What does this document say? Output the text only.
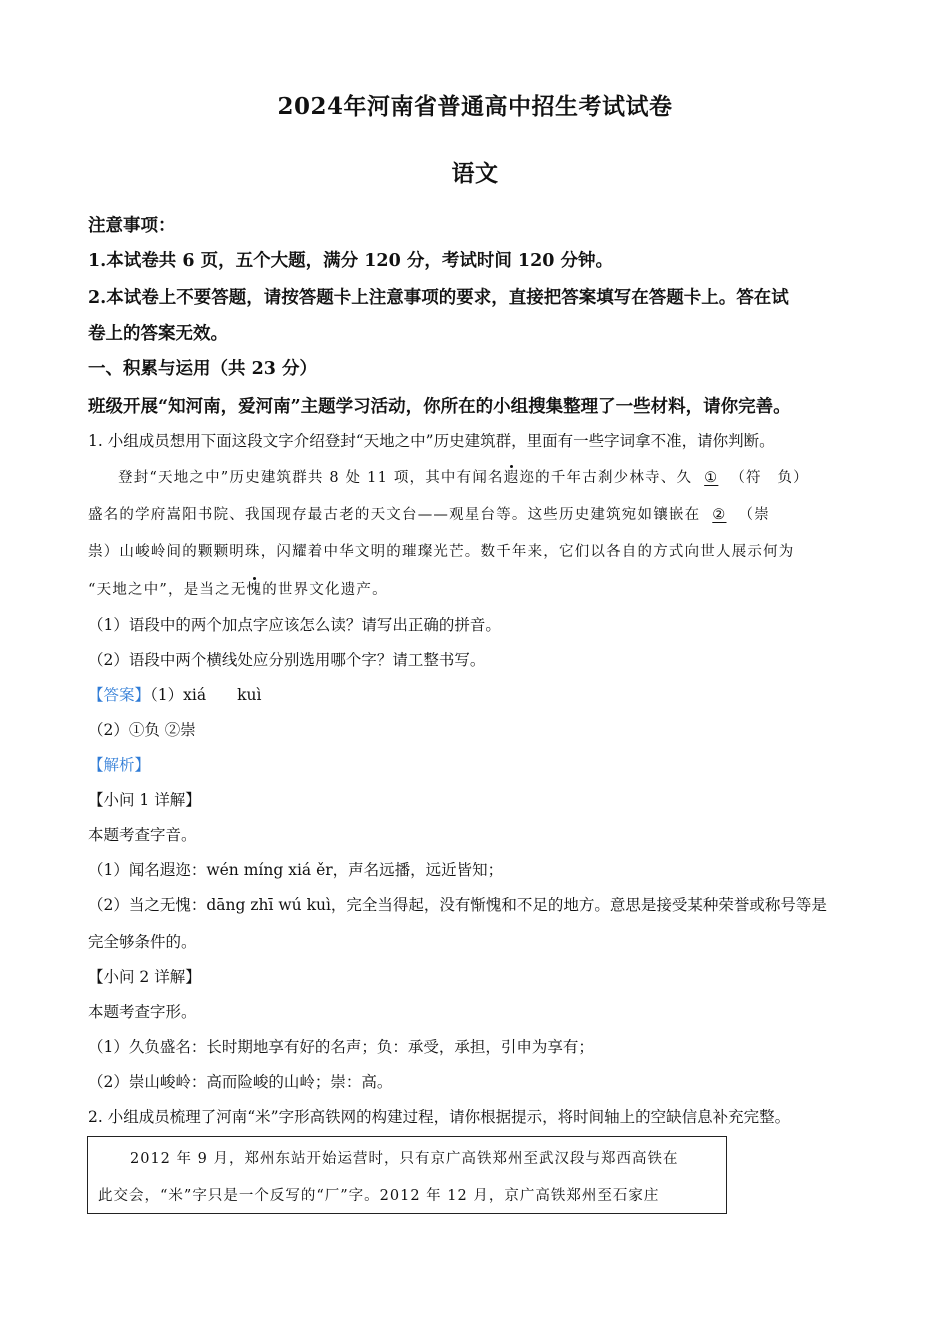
2024年河南省普通高中招生考试试卷
语文
注意事项：
1.本试卷共 6 页，五个大题，满分 120 分，考试时间 120 分钟。
2.本试卷上不要答题，请按答题卡上注意事项的要求，直接把答案填写在答题卡上。答在试
卷上的答案无效。
一、积累与运用（共 23 分）
班级开展“知河南，爱河南”主题学习活动，你所在的小组搜集整理了一些材料，请你完善。
1. 小组成员想用下面这段文字介绍登封“天地之中”历史建筑群，里面有一些字词拿不准，请你判断。
登封“天地之中”历史建筑群共 8 处 11 项，其中有闻名遐迩的千年古刹少林寺、久 ① （符　负）
盛名的学府嵩阳书院、我国现存最古老的天文台——观星台等。这些历史建筑宛如镶嵌在 ② （崇
祟）山峻岭间的颗颗明珠，闪耀着中华文明的璀璨光芒。数千年来，它们以各自的方式向世人展示何为
“天地之中”，是当之无愧的世界文化遗产。
（1）语段中的两个加点字应该怎么读？请写出正确的拼音。
（2）语段中两个横线处应分别选用哪个字？请工整书写。
【答案】（1）xiá　　kuì
（2）①负 ②崇
【解析】
【小问 1 详解】
本题考查字音。
（1）闻名遐迩：wén míng xiá ěr，声名远播，远近皆知；
（2）当之无愧：dāng zhī wú kuì，完全当得起，没有惭愧和不足的地方。意思是接受某种荣誉或称号等是
完全够条件的。
【小问 2 详解】
本题考查字形。
（1）久负盛名：长时期地享有好的名声；负：承受，承担，引申为享有；
（2）崇山峻岭：高而险峻的山岭；崇：高。
2. 小组成员梳理了河南“米”字形高铁网的构建过程，请你根据提示，将时间轴上的空缺信息补充完整。
2012 年 9 月，郑州东站开始运营时，只有京广高铁郑州至武汉段与郑西高铁在
此交会，“米”字只是一个反写的“厂”字。2012 年 12 月，京广高铁郑州至石家庄
